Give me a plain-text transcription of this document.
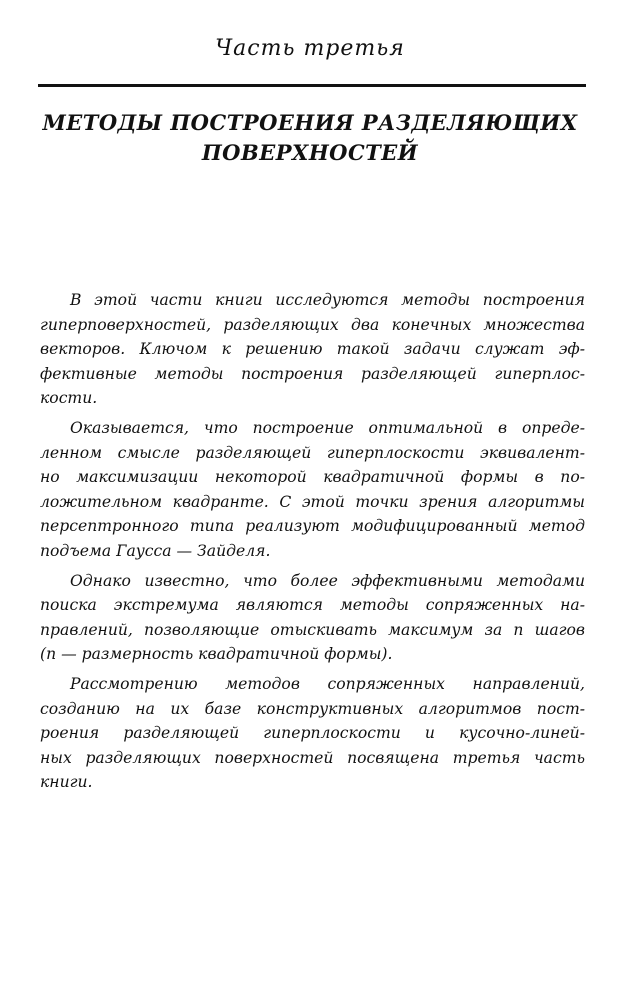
Часть третья
МЕТОДЫ ПОСТРОЕНИЯ РАЗДЕЛЯЮЩИХ
ПОВЕРХНОСТЕЙ
В этой части книги исследуются методы построения
гиперповерхностей, разделяющих два конечных множества
векторов. Ключом к решению такой задачи служат эф-
фективные методы построения разделяющей гиперплос-
кости.
Оказывается, что построение оптимальной в опреде-
ленном смысле разделяющей гиперплоскости эквивалент-
но максимизации некоторой квадратичной формы в по-
ложительном квадранте. С этой точки зрения алгоритмы
персептронного типа реализуют модифицированный метод
подъема Гаусса — Зайделя.
Однако известно, что более эффективными методами
поиска экстремума являются методы сопряженных на-
правлений, позволяющие отыскивать максимум за n шагов
(n — размерность квадратичной формы).
Рассмотрению методов сопряженных направлений,
созданию на их базе конструктивных алгоритмов пост-
роения разделяющей гиперплоскости и кусочно-линей-
ных разделяющих поверхностей посвящена третья часть
книги.
